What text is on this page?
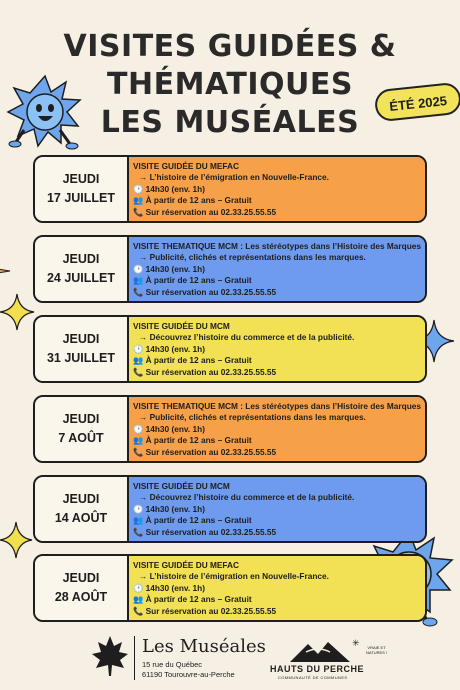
VISITES GUIDÉES &
THÉMATIQUES
LES MUSÉALES
ÉTÉ 2025
JEUDI
17 JUILLET
VISITE GUIDÉE DU MEFAC
→ L’histoire de l’émigration en Nouvelle-France.
🕑 14h30 (env. 1h)
👥 À partir de 12 ans – Gratuit
📞 Sur réservation au 02.33.25.55.55
JEUDI
24 JUILLET
VISITE THEMATIQUE MCM : Les stéréotypes dans l’Histoire des Marques
→ Publicité, clichés et représentations dans les marques.
🕑 14h30 (env. 1h)
👥 À partir de 12 ans – Gratuit
📞 Sur réservation au 02.33.25.55.55
JEUDI
31 JUILLET
VISITE GUIDÉE DU MCM
→ Découvrez l’histoire du commerce et de la publicité.
🕑 14h30 (env. 1h)
👥 À partir de 12 ans – Gratuit
📞 Sur réservation au 02.33.25.55.55
JEUDI
7 AOÛT
VISITE THEMATIQUE MCM : Les stéréotypes dans l’Histoire des Marques
→ Publicité, clichés et représentations dans les marques.
🕑 14h30 (env. 1h)
👥 À partir de 12 ans – Gratuit
📞 Sur réservation au 02.33.25.55.55
JEUDI
14 AOÛT
VISITE GUIDÉE DU MCM
→ Découvrez l’histoire du commerce et de la publicité.
🕑 14h30 (env. 1h)
👥 À partir de 12 ans – Gratuit
📞 Sur réservation au 02.33.25.55.55
JEUDI
28 AOÛT
VISITE GUIDÉE DU MEFAC
→ L’histoire de l’émigration en Nouvelle-France.
🕑 14h30 (env. 1h)
👥 À partir de 12 ans – Gratuit
📞 Sur réservation au 02.33.25.55.55
Les Muséales
15 rue du Québec
61190 Tourouvre-au-Perche
✳
HAUTS DU PERCHE
COMMUNAUTÉ DE COMMUNES
VRAIE ET
NATURES !
